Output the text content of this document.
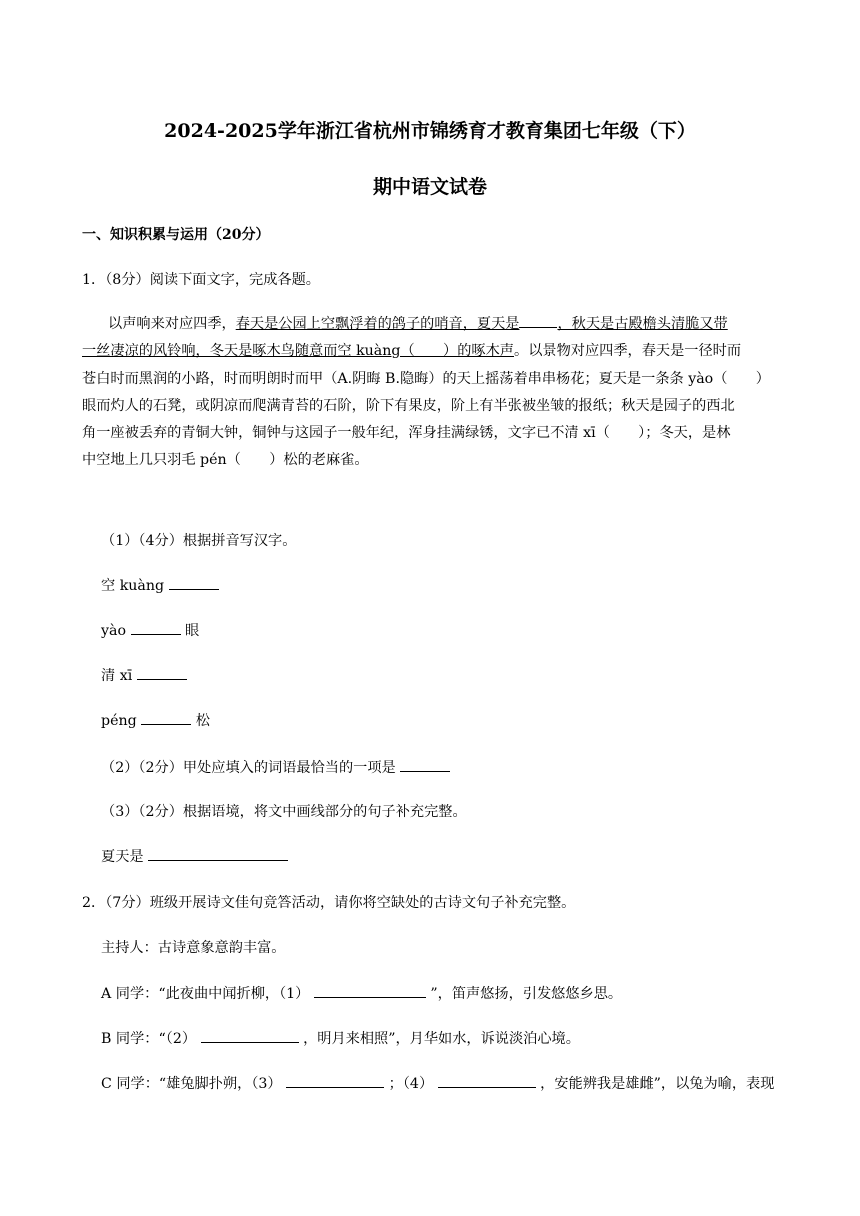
2024-2025学年浙江省杭州市锦绣育才教育集团七年级（下）
期中语文试卷
一、知识积累与运用（20分）
1．（8分）阅读下面文字，完成各题。
以声响来对应四季，春天是公园上空飘浮着的鸽子的哨音，夏天是	，秋天是古殿檐头清脆又带
一丝凄凉的风铃响，冬天是啄木鸟随意而空 kuàng（　　）的啄木声。以景物对应四季，春天是一径时而
苍白时而黑润的小路，时而明朗时而甲（A.阴晦 B.隐晦）的天上摇荡着串串杨花；夏天是一条条 yào（　　）
眼而灼人的石凳，或阴凉而爬满青苔的石阶，阶下有果皮，阶上有半张被坐皱的报纸；秋天是园子的西北
角一座被丢弃的青铜大钟，铜钟与这园子一般年纪，浑身挂满绿锈，文字已不清 xī（　　）；冬天，是林
中空地上几只羽毛 pén（　　）松的老麻雀。
（1）（4分）根据拼音写汉字。
空 kuàng
yào	眼
清 xī
péng	松
（2）（2分）甲处应填入的词语最恰当的一项是
（3）（2分）根据语境，将文中画线部分的句子补充完整。
夏天是
2．（7分）班级开展诗文佳句竞答活动，请你将空缺处的古诗文句子补充完整。
主持人：古诗意象意韵丰富。
A 同学：“此夜曲中闻折柳，（1）	”，笛声悠扬，引发悠悠乡思。
B 同学：“（2）	，明月来相照”，月华如水，诉说淡泊心境。
C 同学：“雄兔脚扑朔，（3）	；（4）	，安能辨我是雄雌”，以兔为喻，表现
